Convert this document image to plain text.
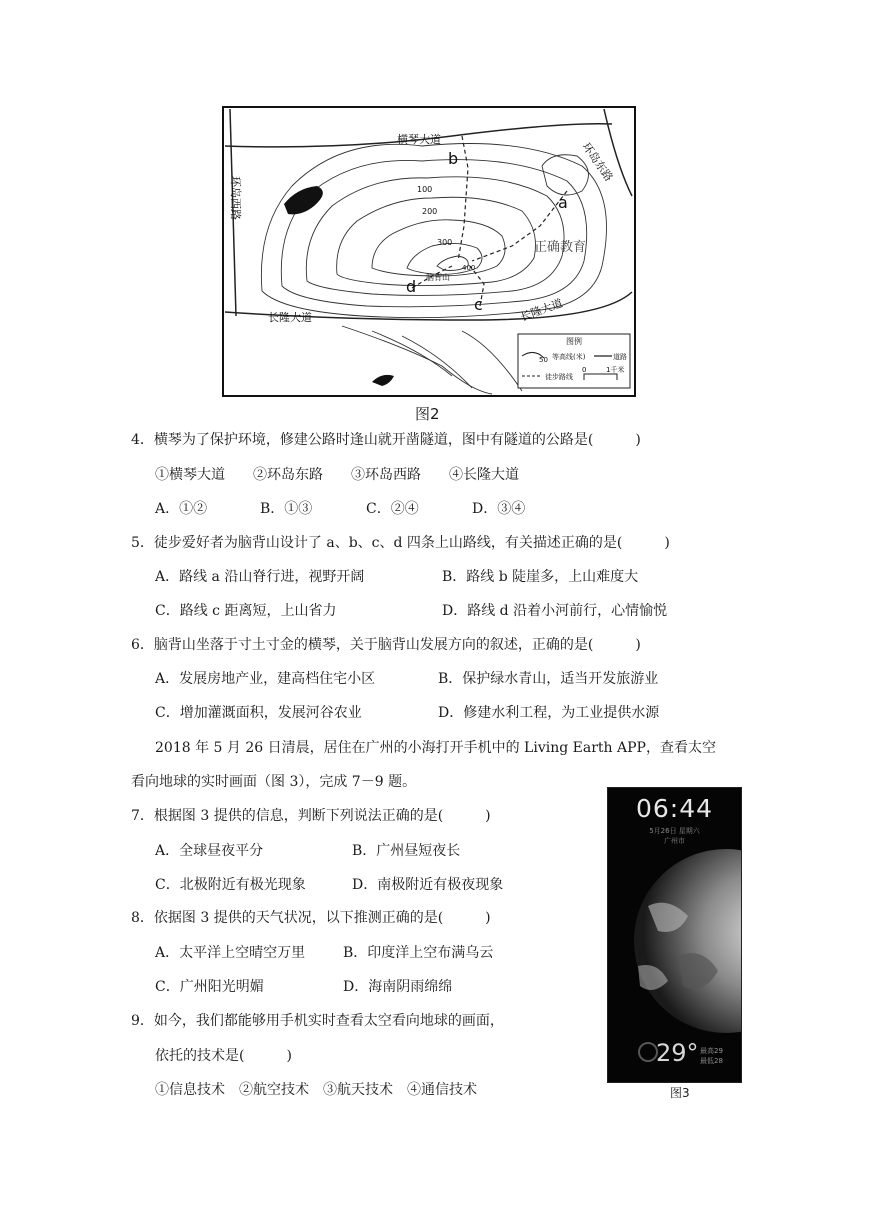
横琴大道
环岛东路
环岛西路
长隆大道	长隆大道
a
b
c
d
100
200
300
400
脑背山
正确教育
图例
50 等高线(米)	道路
徒步路线
0	1千米
图2
4．横琴为了保护环境，修建公路时逢山就开凿隧道，图中有隧道的公路是(　　　)
①横琴大道　　②环岛东路　　③环岛西路　　④长隆大道
A．①②	B．①③	C．②④	D．③④
5．徒步爱好者为脑背山设计了 a、b、c、d 四条上山路线，有关描述正确的是(　　　)
A．路线 a 沿山脊行进，视野开阔	B．路线 b 陡崖多，上山难度大
C．路线 c 距离短，上山省力	D．路线 d 沿着小河前行，心情愉悦
6．脑背山坐落于寸土寸金的横琴，关于脑背山发展方向的叙述，正确的是(　　　)
A．发展房地产业，建高档住宅小区	B．保护绿水青山，适当开发旅游业
C．增加灌溉面积，发展河谷农业	D．修建水利工程，为工业提供水源
2018 年 5 月 26 日清晨，居住在广州的小海打开手机中的 Living Earth APP，查看太空
看向地球的实时画面（图 3），完成 7－9 题。
7．根据图 3 提供的信息，判断下列说法正确的是(　　　)
A．全球昼夜平分	B．广州昼短夜长
C．北极附近有极光现象	D．南极附近有极夜现象
8．依据图 3 提供的天气状况，以下推测正确的是(　　　)
A．太平洋上空晴空万里	B．印度洋上空布满乌云
C．广州阳光明媚	D．海南阴雨绵绵
9．如今，我们都能够用手机实时查看太空看向地球的画面，
依托的技术是(　　　)
①信息技术　②航空技术　③航天技术　④通信技术
06:44
5月26日 星期六
广州市
29° 最高29
最低28
图3
